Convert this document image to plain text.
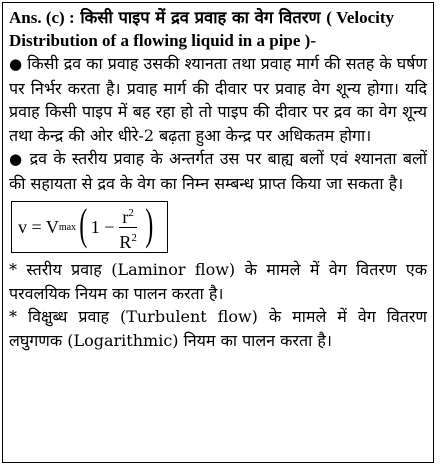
Ans. (c) : किसी पाइप में द्रव प्रवाह का वेग वितरण ( Velocity Distribution of a flowing liquid in a pipe )-

● किसी द्रव का प्रवाह उसकी श्यानता तथा प्रवाह मार्ग की सतह के घर्षण पर निर्भर करता है। प्रवाह मार्ग की दीवार पर प्रवाह वेग शून्य होगा। यदि प्रवाह किसी पाइप में बह रहा हो तो पाइप की दीवार पर द्रव का वेग शून्य तथा केन्द्र की ओर धीरे-2 बढ़ता हुआ केन्द्र पर अधिकतम होगा।

● द्रव के स्तरीय प्रवाह के अन्तर्गत उस पर बाह्य बलों एवं श्यानता बलों की सहायता से द्रव के वेग का निम्न सम्बन्ध प्राप्त किया जा सकता है।

v = V max ( $1 - \frac{r^2}{R^2}$ )

* स्तरीय प्रवाह (Laminor flow) के मामले में वेग वितरण एक परवलयिक नियम का पालन करता है।

* विक्षुब्ध प्रवाह (Turbulent flow) के मामले में वेग वितरण लघुगणक (Logarithmic) नियम का पालन करता है।
